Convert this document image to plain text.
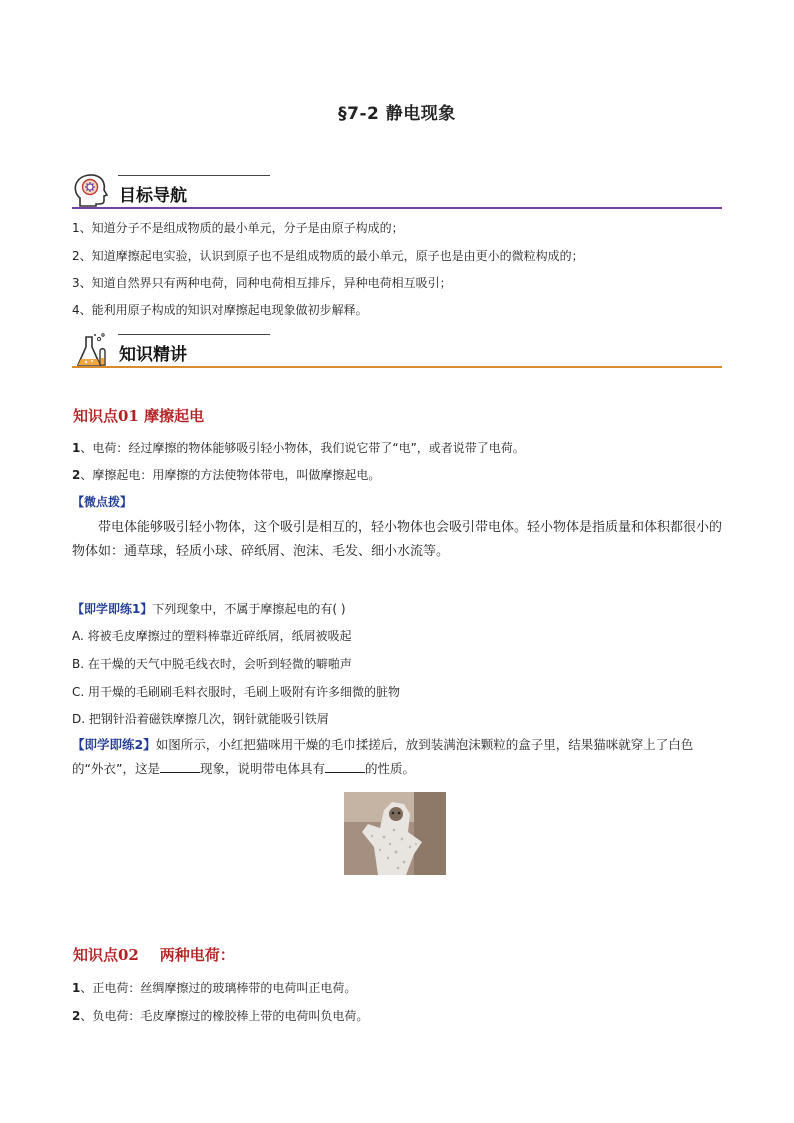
§7-2 静电现象
目标导航
1、知道分子不是组成物质的最小单元，分子是由原子构成的；
2、知道摩擦起电实验，认识到原子也不是组成物质的最小单元，原子也是由更小的微粒构成的；
3、知道自然界只有两种电荷，同种电荷相互排斥，异种电荷相互吸引；
4、能利用原子构成的知识对摩擦起电现象做初步解释。
知识精讲
知识点01 摩擦起电
1、电荷：经过摩擦的物体能够吸引轻小物体，我们说它带了“电”，或者说带了电荷。
2、摩擦起电：用摩擦的方法使物体带电，叫做摩擦起电。
【微点拨】
带电体能够吸引轻小物体，这个吸引是相互的，轻小物体也会吸引带电体。轻小物体是指质量和体积都很小的物体如：通草球，轻质小球、碎纸屑、泡沫、毛发、细小水流等。
【即学即练1】下列现象中，不属于摩擦起电的有( )
A. 将被毛皮摩擦过的塑料棒靠近碎纸屑，纸屑被吸起
B. 在干燥的天气中脱毛线衣时，会听到轻微的噼啪声
C. 用干燥的毛刷刷毛料衣服时，毛刷上吸附有许多细微的脏物
D. 把钢针沿着磁铁摩擦几次，钢针就能吸引铁屑
【即学即练2】如图所示，小红把猫咪用干燥的毛巾揉搓后，放到装满泡沫颗粒的盒子里，结果猫咪就穿上了白色的“外衣”，这是	现象，说明带电体具有	的性质。
知识点02 两种电荷：
1、正电荷：丝绸摩擦过的玻璃棒带的电荷叫正电荷。
2、负电荷：毛皮摩擦过的橡胶棒上带的电荷叫负电荷。
